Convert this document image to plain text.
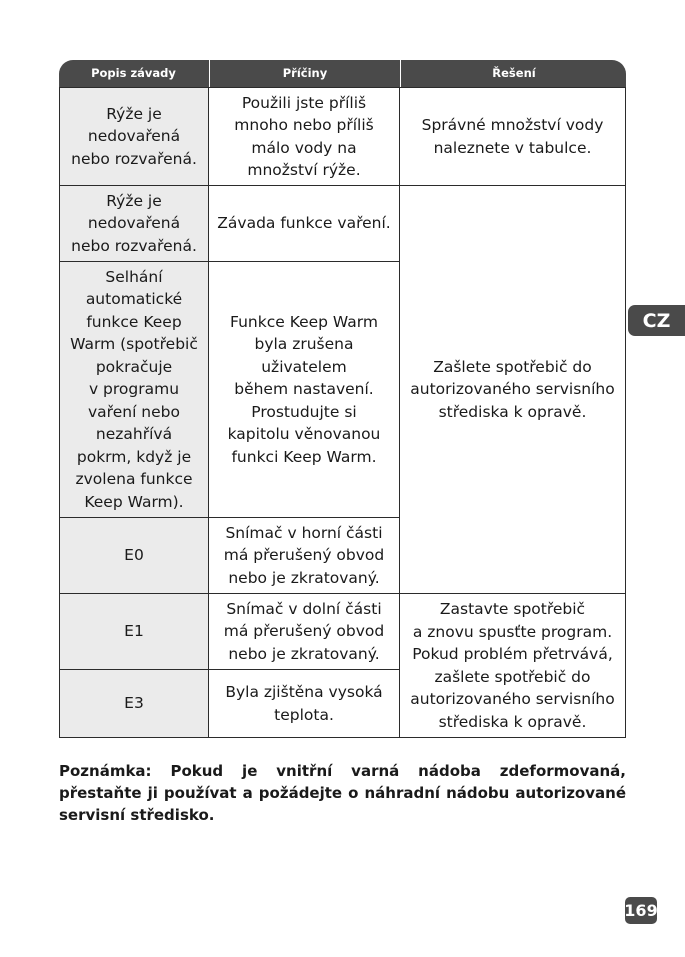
Popis závady	Příčiny	Řešení
Rýže je
nedovařená
nebo rozvařená.
Použili jste příliš
mnoho nebo příliš
málo vody na
množství rýže.
Správné množství vody
naleznete v tabulce.
Rýže je
nedovařená
nebo rozvařená.
Závada funkce vaření.
Selhání
automatické
funkce Keep
Warm (spotřebič
pokračuje
v programu
vaření nebo
nezahřívá
pokrm, když je
zvolena funkce
Keep Warm).
Funkce Keep Warm
byla zrušena
uživatelem
během nastavení.
Prostudujte si
kapitolu věnovanou
funkci Keep Warm.
E0
Snímač v horní části
má přerušený obvod
nebo je zkratovaný.
Zašlete spotřebič do
autorizovaného servisního
střediska k opravě.
E1
Snímač v dolní části
má přerušený obvod
nebo je zkratovaný.
E3
Byla zjištěna vysoká
teplota.
Zastavte spotřebič
a znovu spusťte program.
Pokud problém přetrvává,
zašlete spotřebič do
autorizovaného servisního
střediska k opravě.
CZ
Poznámka: Pokud je vnitřní varná nádoba zdeformovaná, přestaňte ji používat a požádejte o náhradní nádobu autorizované servisní středisko.
169
